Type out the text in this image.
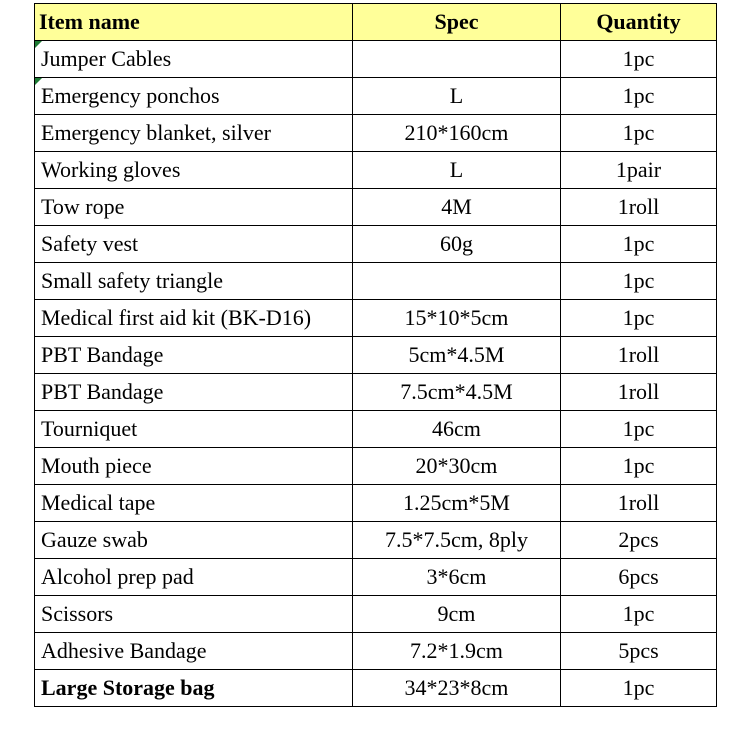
Item name	Spec	Quantity

Jumper Cables		1pc

Emergency ponchos	L	1pc
Emergency blanket, silver	210*160cm	1pc
Working gloves	L	1pair
Tow rope	4M	1roll
Safety vest	60g	1pc
Small safety triangle		1pc
Medical first aid kit (BK-D16)	15*10*5cm	1pc
PBT Bandage	5cm*4.5M	1roll
PBT Bandage	7.5cm*4.5M	1roll
Tourniquet	46cm	1pc
Mouth piece	20*30cm	1pc
Medical tape	1.25cm*5M	1roll
Gauze swab	7.5*7.5cm, 8ply	2pcs
Alcohol prep pad	3*6cm	6pcs
Scissors	9cm	1pc
Adhesive Bandage	7.2*1.9cm	5pcs
Large Storage bag	34*23*8cm	1pc
